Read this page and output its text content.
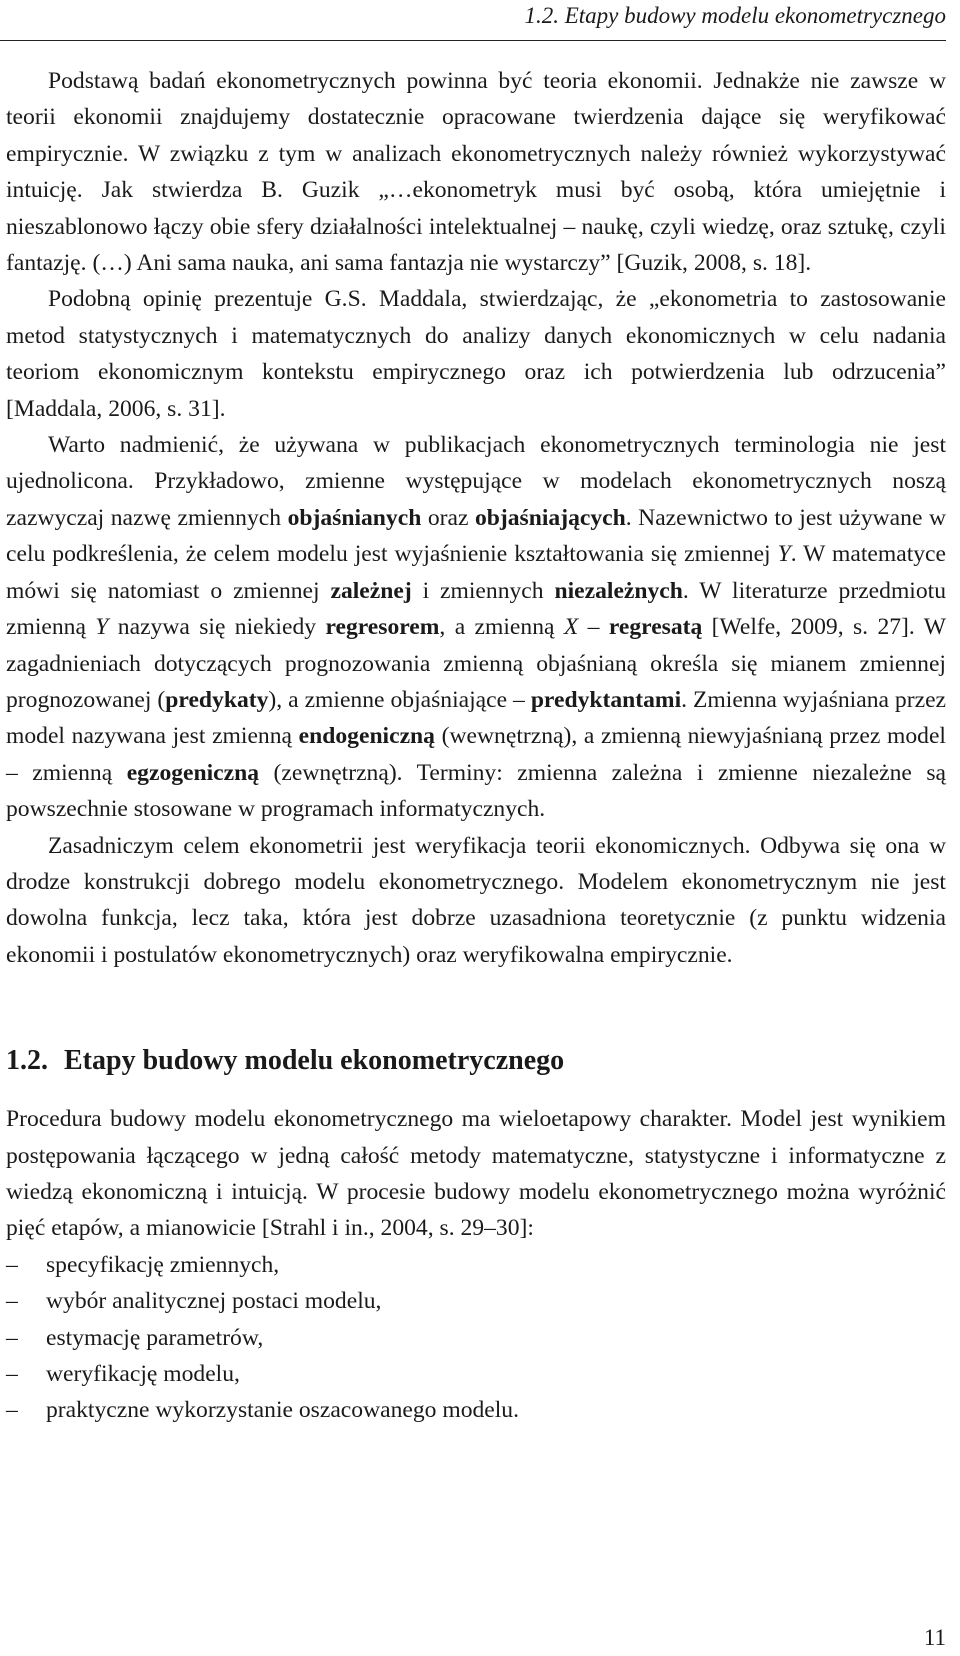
1.2. Etapy budowy modelu ekonometrycznego

Podstawą badań ekonometrycznych powinna być teoria ekonomii. Jednakże nie zawsze w teorii ekonomii znajdujemy dostatecznie opracowane twierdzenia dające się weryfikować empirycznie. W związku z tym w analizach ekonometrycznych należy również wykorzystywać intuicję. Jak stwierdza B. Guzik „…ekonometryk musi być osobą, która umiejętnie i nieszablonowo łączy obie sfery działalności intelektualnej – naukę, czyli wiedzę, oraz sztukę, czyli fantazję. (…) Ani sama nauka, ani sama fantazja nie wystarczy” [Guzik, 2008, s. 18].

Podobną opinię prezentuje G.S. Maddala, stwierdzając, że „ekonometria to zastosowanie metod statystycznych i matematycznych do analizy danych ekonomicznych w celu nadania teoriom ekonomicznym kontekstu empirycznego oraz ich potwierdzenia lub odrzucenia” [Maddala, 2006, s. 31].

Warto nadmienić, że używana w publikacjach ekonometrycznych terminologia nie jest ujednolicona. Przykładowo, zmienne występujące w modelach ekonometrycznych noszą zazwyczaj nazwę zmiennych objaśnianych oraz objaśniających. Nazewnictwo to jest używane w celu podkreślenia, że celem modelu jest wyjaśnienie kształtowania się zmiennej Y. W matematyce mówi się natomiast o zmiennej zależnej i zmiennych niezależnych. W literaturze przedmiotu zmienną Y nazywa się niekiedy regresorem, a zmienną X – regresatą [Welfe, 2009, s. 27]. W zagadnieniach dotyczących prognozowania zmienną objaśnianą określa się mianem zmiennej prognozowanej (predykaty), a zmienne objaśniające – predyktantami. Zmienna wyjaśniana przez model nazywana jest zmienną endogeniczną (wewnętrzną), a zmienną niewyjaśnianą przez model – zmienną egzogeniczną (zewnętrzną). Terminy: zmienna zależna i zmienne niezależne są powszechnie stosowane w programach informatycznych.

Zasadniczym celem ekonometrii jest weryfikacja teorii ekonomicznych. Odbywa się ona w drodze konstrukcji dobrego modelu ekonometrycznego. Modelem ekonometrycznym nie jest dowolna funkcja, lecz taka, która jest dobrze uzasadniona teoretycznie (z punktu widzenia ekonomii i postulatów ekonometrycznych) oraz weryfikowalna empirycznie.

1.2. Etapy budowy modelu ekonometrycznego

Procedura budowy modelu ekonometrycznego ma wieloetapowy charakter. Model jest wynikiem postępowania łączącego w jedną całość metody matematyczne, statystyczne i informatyczne z wiedzą ekonomiczną i intuicją. W procesie budowy modelu ekonometrycznego można wyróżnić pięć etapów, a mianowicie [Strahl i in., 2004, s. 29–30]:

– specyfikację zmiennych,
– wybór analitycznej postaci modelu,
– estymację parametrów,
– weryfikację modelu,
– praktyczne wykorzystanie oszacowanego modelu.
11
